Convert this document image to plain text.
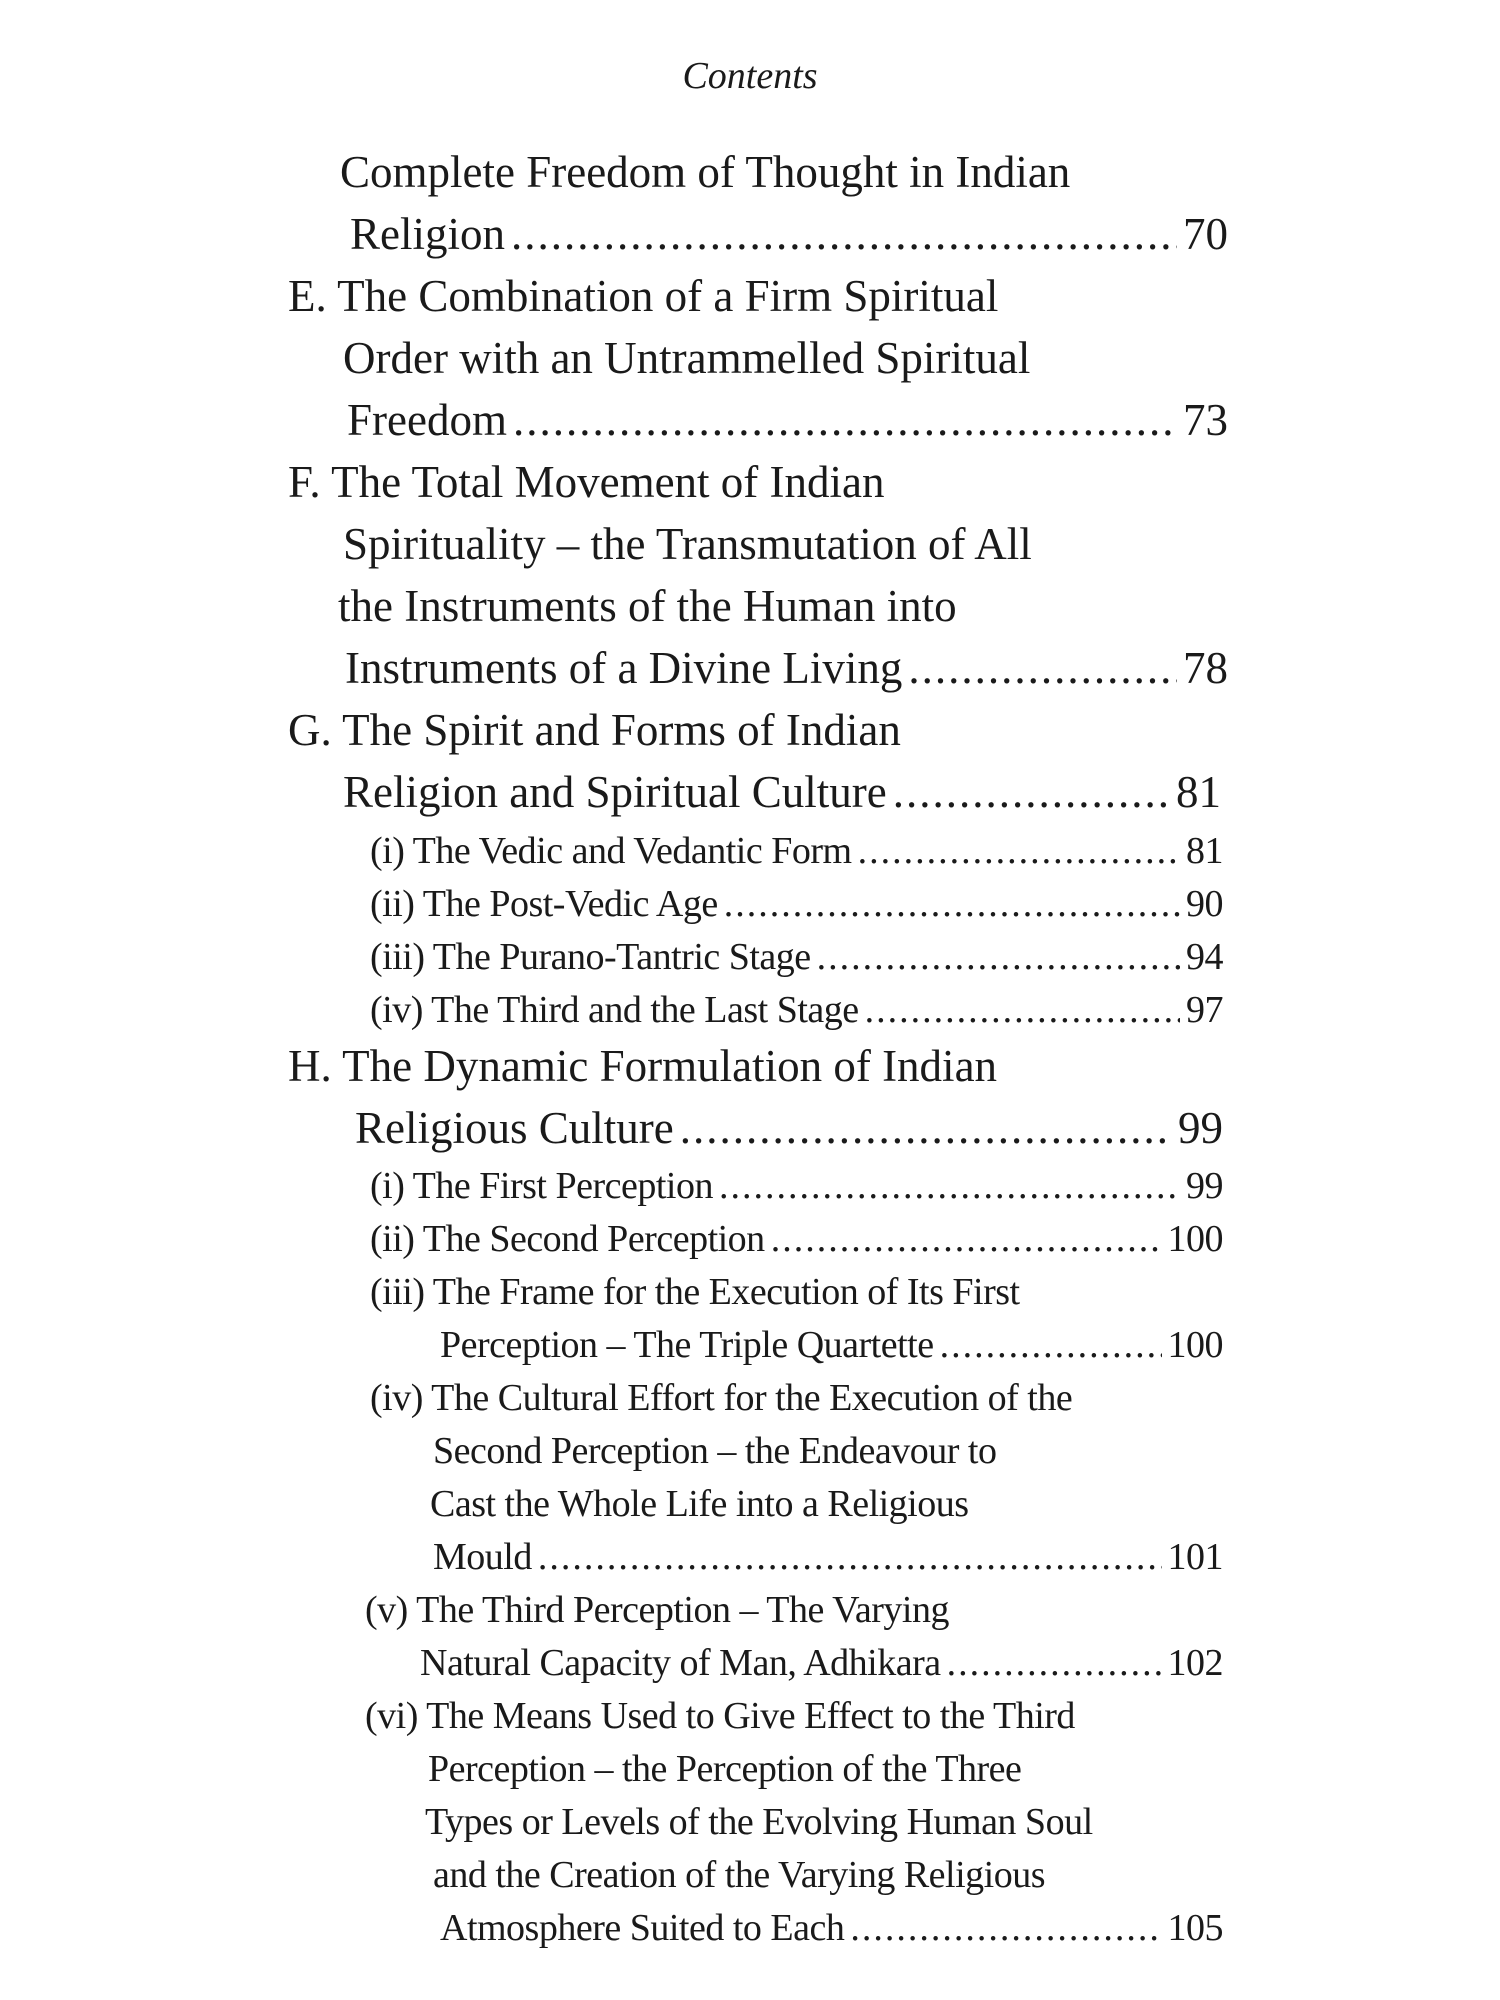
Contents
Complete Freedom of Thought in Indian
Religion .....	70
E. The Combination of a Firm Spiritual
Order with an Untrammelled Spiritual
Freedom .....	73
F. The Total Movement of Indian
Spirituality – the Transmutation of All
the Instruments of the Human into
Instruments of a Divine Living .....	78
G. The Spirit and Forms of Indian
Religion and Spiritual Culture .....	81
(i) The Vedic and Vedantic Form .....	81
(ii) The Post-Vedic Age .....	90
(iii) The Purano-Tantric Stage .....	94
(iv) The Third and the Last Stage .....	97
H. The Dynamic Formulation of Indian
Religious Culture .....	99
(i) The First Perception .....	99
(ii) The Second Perception .....	100
(iii) The Frame for the Execution of Its First
Perception – The Triple Quartette .....	100
(iv) The Cultural Effort for the Execution of the
Second Perception – the Endeavour to
Cast the Whole Life into a Religious
Mould .....	101
(v) The Third Perception – The Varying
Natural Capacity of Man, Adhikara .....	102
(vi) The Means Used to Give Effect to the Third
Perception – the Perception of the Three
Types or Levels of the Evolving Human Soul
and the Creation of the Varying Religious
Atmosphere Suited to Each .....	105
